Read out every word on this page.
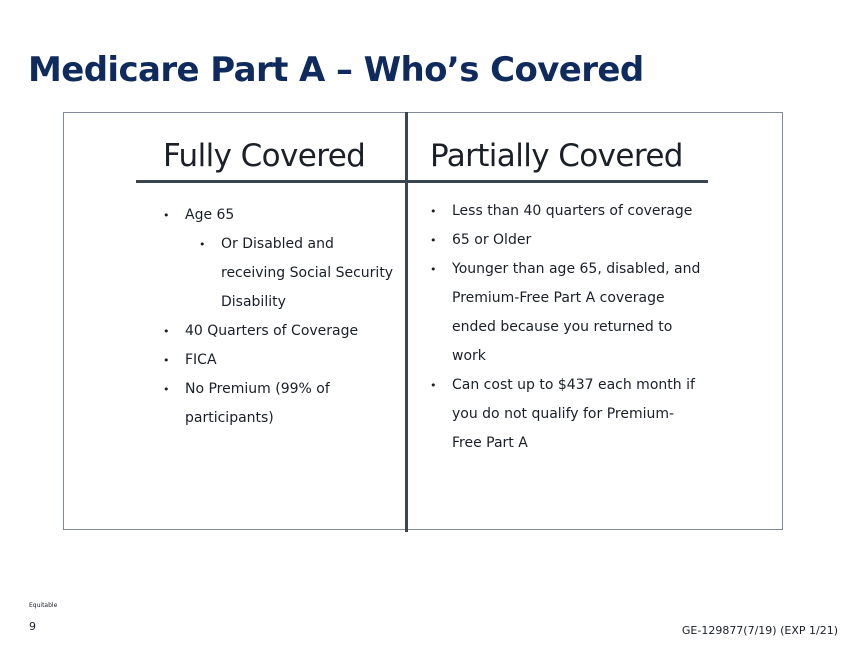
Medicare Part A – Who’s Covered
Fully Covered Partially Covered
• Age 65
• Or Disabled and receiving Social Security Disability
• 40 Quarters of Coverage
• FICA
• No Premium (99% of participants)
• Less than 40 quarters of coverage
• 65 or Older
• Younger than age 65, disabled, and Premium-Free Part A coverage ended because you returned to work
• Can cost up to $437 each month if you do not qualify for Premium-Free Part A

Equitable

9	GE-129877(7/19) (EXP 1/21)
